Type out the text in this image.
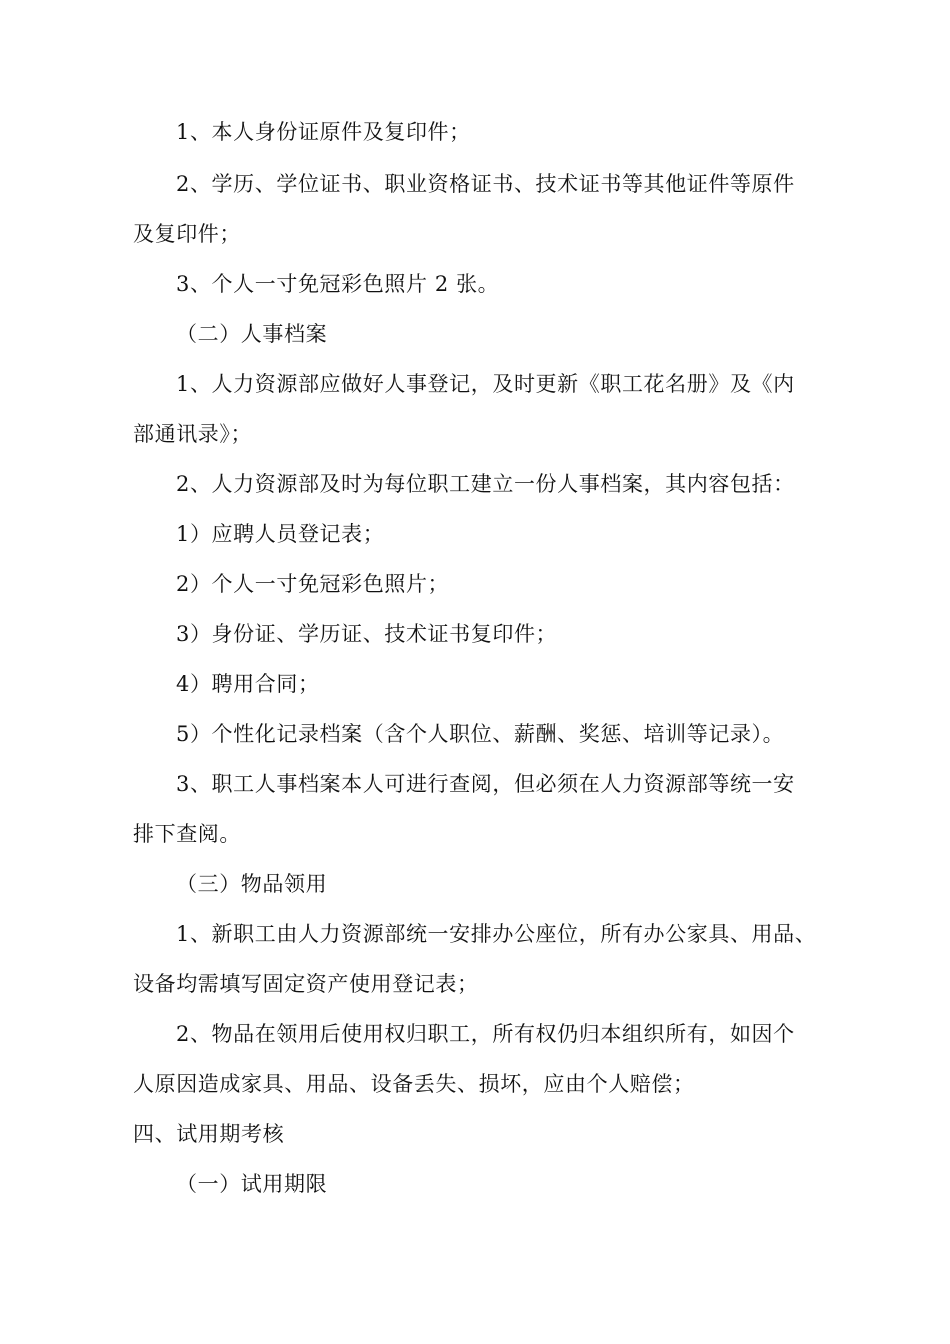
1、本人身份证原件及复印件；
2、学历、学位证书、职业资格证书、技术证书等其他证件等原件
及复印件；
3、个人一寸免冠彩色照片 2 张。
（二）人事档案
1、人力资源部应做好人事登记，及时更新《职工花名册》及《内
部通讯录》；
2、人力资源部及时为每位职工建立一份人事档案，其内容包括：
1）应聘人员登记表；
2）个人一寸免冠彩色照片；
3）身份证、学历证、技术证书复印件；
4）聘用合同；
5）个性化记录档案（含个人职位、薪酬、奖惩、培训等记录）。
3、职工人事档案本人可进行查阅，但必须在人力资源部等统一安
排下查阅。
（三）物品领用
1、新职工由人力资源部统一安排办公座位，所有办公家具、用品、
设备均需填写固定资产使用登记表；
2、物品在领用后使用权归职工，所有权仍归本组织所有，如因个
人原因造成家具、用品、设备丢失、损坏，应由个人赔偿；
四、试用期考核
（一）试用期限
